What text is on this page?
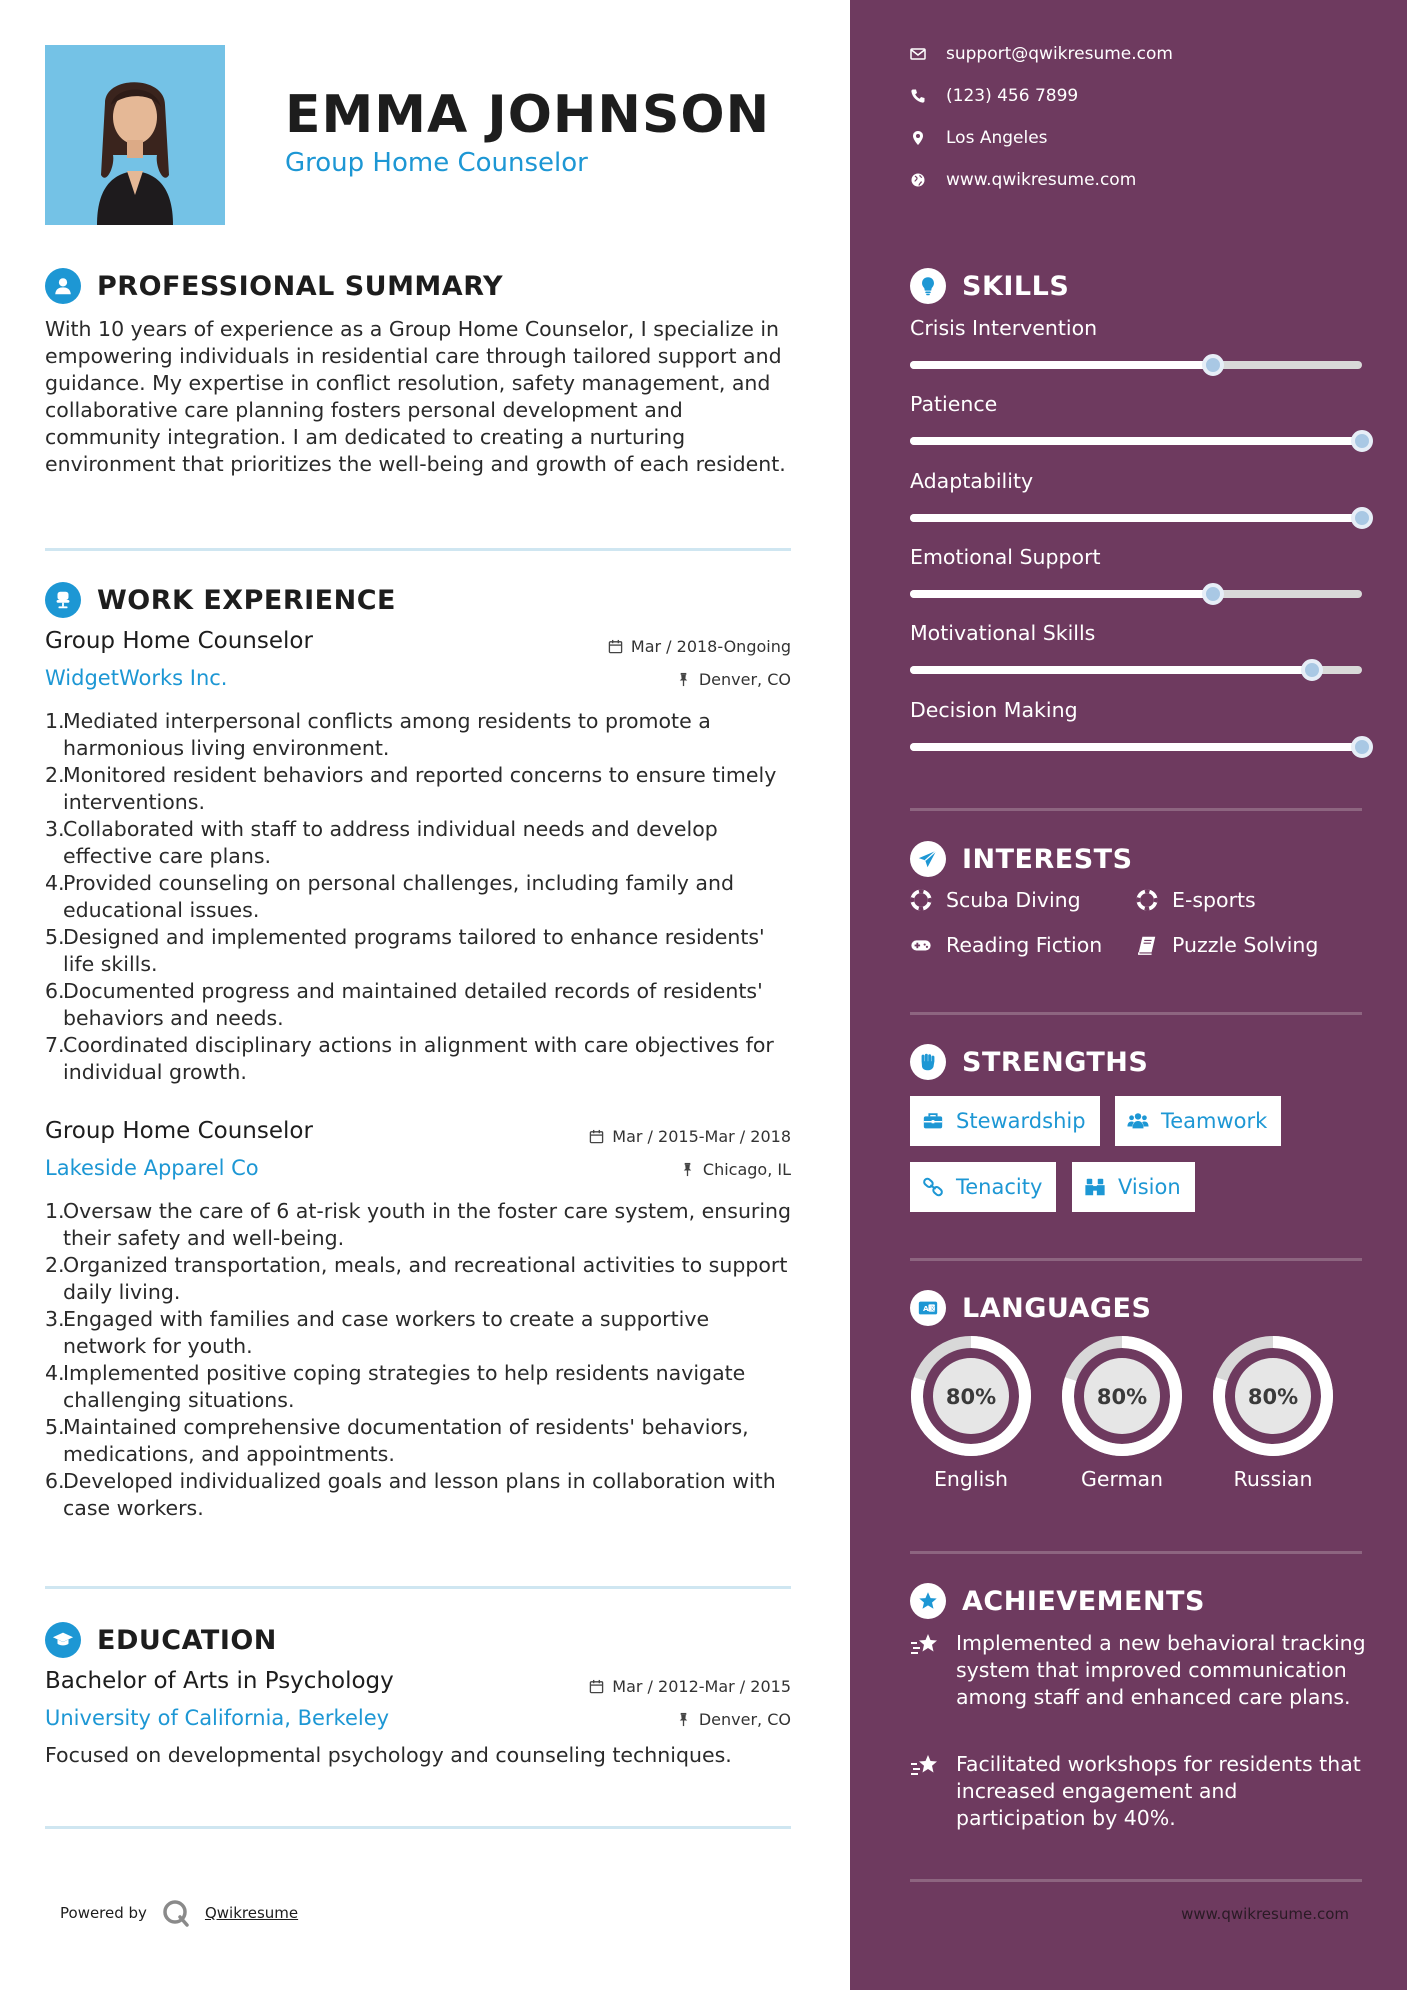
EMMA JOHNSON
Group Home Counselor
PROFESSIONAL SUMMARY

With 10 years of experience as a Group Home Counselor, I specialize in empowering individuals in residential care through tailored support and guidance. My expertise in conflict resolution, safety management, and collaborative care planning fosters personal development and community integration. I am dedicated to creating a nurturing environment that prioritizes the well-being and growth of each resident.

WORK EXPERIENCE
Group Home Counselor	Mar / 2018-Ongoing
WidgetWorks Inc.	Denver, CO
1.
Mediated interpersonal conflicts among residents to promote a harmonious living environment.
2.
Monitored resident behaviors and reported concerns to ensure timely interventions.
3.
Collaborated with staff to address individual needs and develop effective care plans.
4.
Provided counseling on personal challenges, including family and educational issues.
5.
Designed and implemented programs tailored to enhance residents' life skills.
6.
Documented progress and maintained detailed records of residents' behaviors and needs.
7.
Coordinated disciplinary actions in alignment with care objectives for individual growth.
Group Home Counselor	Mar / 2015-Mar / 2018
Lakeside Apparel Co	Chicago, IL
1.
Oversaw the care of 6 at-risk youth in the foster care system, ensuring their safety and well-being.
2.
Organized transportation, meals, and recreational activities to support daily living.
3.
Engaged with families and case workers to create a supportive network for youth.
4.
Implemented positive coping strategies to help residents navigate challenging situations.
5.
Maintained comprehensive documentation of residents' behaviors, medications, and appointments.
6.
Developed individualized goals and lesson plans in collaboration with case workers.
EDUCATION
Bachelor of Arts in Psychology	Mar / 2012-Mar / 2015
University of California, Berkeley	Denver, CO

Focused on developmental psychology and counseling techniques.

Powered by	Qwikresume
support@qwikresume.com
(123) 456 7899
Los Angeles
www.qwikresume.com
SKILLS
Crisis Intervention
Patience
Adaptability
Emotional Support
Motivational Skills
Decision Making
INTERESTS
Scuba Diving	E-sports
Reading Fiction	Puzzle Solving
STRENGTHS
Stewardship	Teamwork
Tenacity	Vision
A 文 LANGUAGES
80%
English
80%
German
80%
Russian
ACHIEVEMENTS
Implemented a new behavioral tracking system that improved communication among staff and enhanced care plans.
Facilitated workshops for residents that increased engagement and participation by 40%.
www.qwikresume.com
